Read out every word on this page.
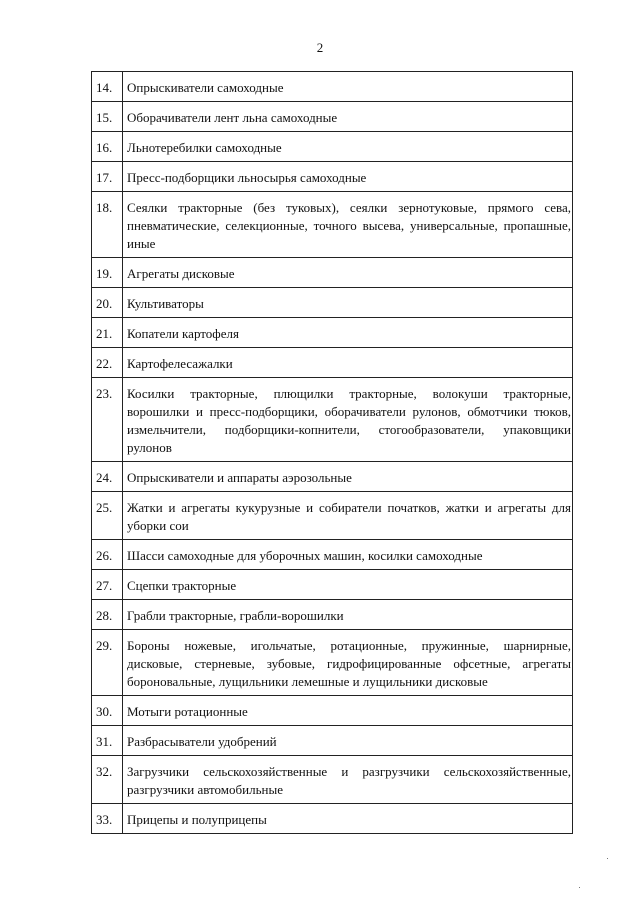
2
14.	Опрыскиватели самоходные
15.	Оборачиватели лент льна самоходные
16.	Льнотеребилки самоходные
17.	Пресс-подборщики льносырья самоходные
18.	Сеялки тракторные (без туковых), сеялки зернотуковые, прямого сева, пневматические, селекционные, точного высева, универсальные, пропашные, иные
19.	Агрегаты дисковые
20.	Культиваторы
21.	Копатели картофеля
22.	Картофелесажалки
23.	Косилки тракторные, плющилки тракторные, волокуши тракторные, ворошилки и пресс-подборщики, оборачиватели рулонов, обмотчики тюков, измельчители, подборщики-копнители, стогообразователи, упаковщики рулонов
24.	Опрыскиватели и аппараты аэрозольные
25.	Жатки и агрегаты кукурузные и собиратели початков, жатки и агрегаты для уборки сои
26.	Шасси самоходные для уборочных машин, косилки самоходные
27.	Сцепки тракторные
28.	Грабли тракторные, грабли-ворошилки
29.	Бороны ножевые, игольчатые, ротационные, пружинные, шарнирные, дисковые, стерневые, зубовые, гидрофицированные офсетные, агрегаты бороновальные, лущильники лемешные и лущильники дисковые
30.	Мотыги ротационные
31.	Разбрасыватели удобрений
32.	Загрузчики сельскохозяйственные и разгрузчики сельскохозяйственные, разгрузчики автомобильные
33.	Прицепы и полуприцепы
